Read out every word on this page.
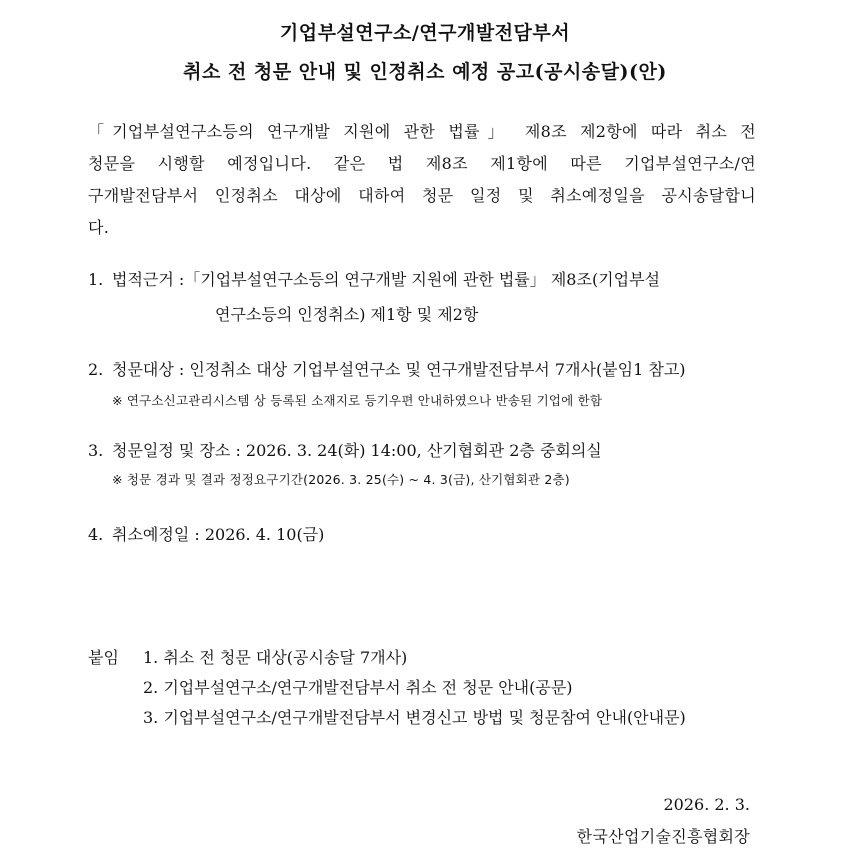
기업부설연구소/연구개발전담부서
취소 전 청문 안내 및 인정취소 예정 공고(공시송달)(안)
「기업부설연구소등의 연구개발 지원에 관한 법률」 제8조 제2항에 따라 취소 전
청문을 시행할 예정입니다. 같은 법 제8조 제1항에 따른 기업부설연구소/연
구개발전담부서 인정취소 대상에 대하여 청문 일정 및 취소예정일을 공시송달합니
다.
1. 법적근거 :「기업부설연구소등의 연구개발 지원에 관한 법률」 제8조(기업부설
연구소등의 인정취소) 제1항 및 제2항
2. 청문대상 : 인정취소 대상 기업부설연구소 및 연구개발전담부서 7개사(붙임1 참고)
※ 연구소신고관리시스템 상 등록된 소재지로 등기우편 안내하였으나 반송된 기업에 한함
3. 청문일정 및 장소 : 2026. 3. 24(화) 14:00, 산기협회관 2층 중회의실
※ 청문 경과 및 결과 정정요구기간(2026. 3. 25(수) ~ 4. 3(금), 산기협회관 2층)
4. 취소예정일 : 2026. 4. 10(금)
붙임 1. 취소 전 청문 대상(공시송달 7개사)
2. 기업부설연구소/연구개발전담부서 취소 전 청문 안내(공문)
3. 기업부설연구소/연구개발전담부서 변경신고 방법 및 청문참여 안내(안내문)
2026. 2. 3.
한국산업기술진흥협회장
